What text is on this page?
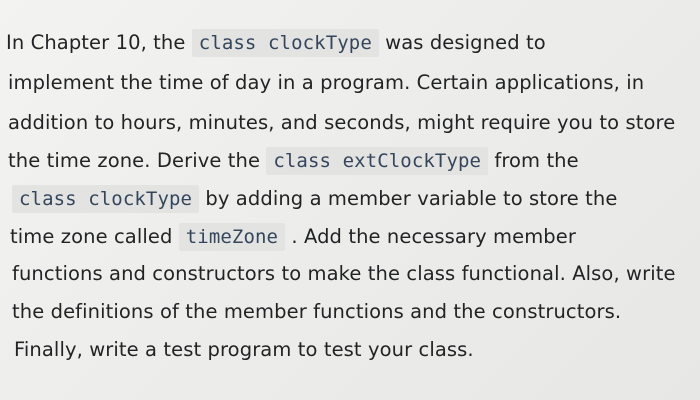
In Chapter 10, the class clockType was designed to
implement the time of day in a program. Certain applications, in
addition to hours, minutes, and seconds, might require you to store
the time zone. Derive the class extClockType from the
class clockType by adding a member variable to store the
time zone called timeZone . Add the necessary member
functions and constructors to make the class functional. Also, write
the definitions of the member functions and the constructors.
Finally, write a test program to test your class.
